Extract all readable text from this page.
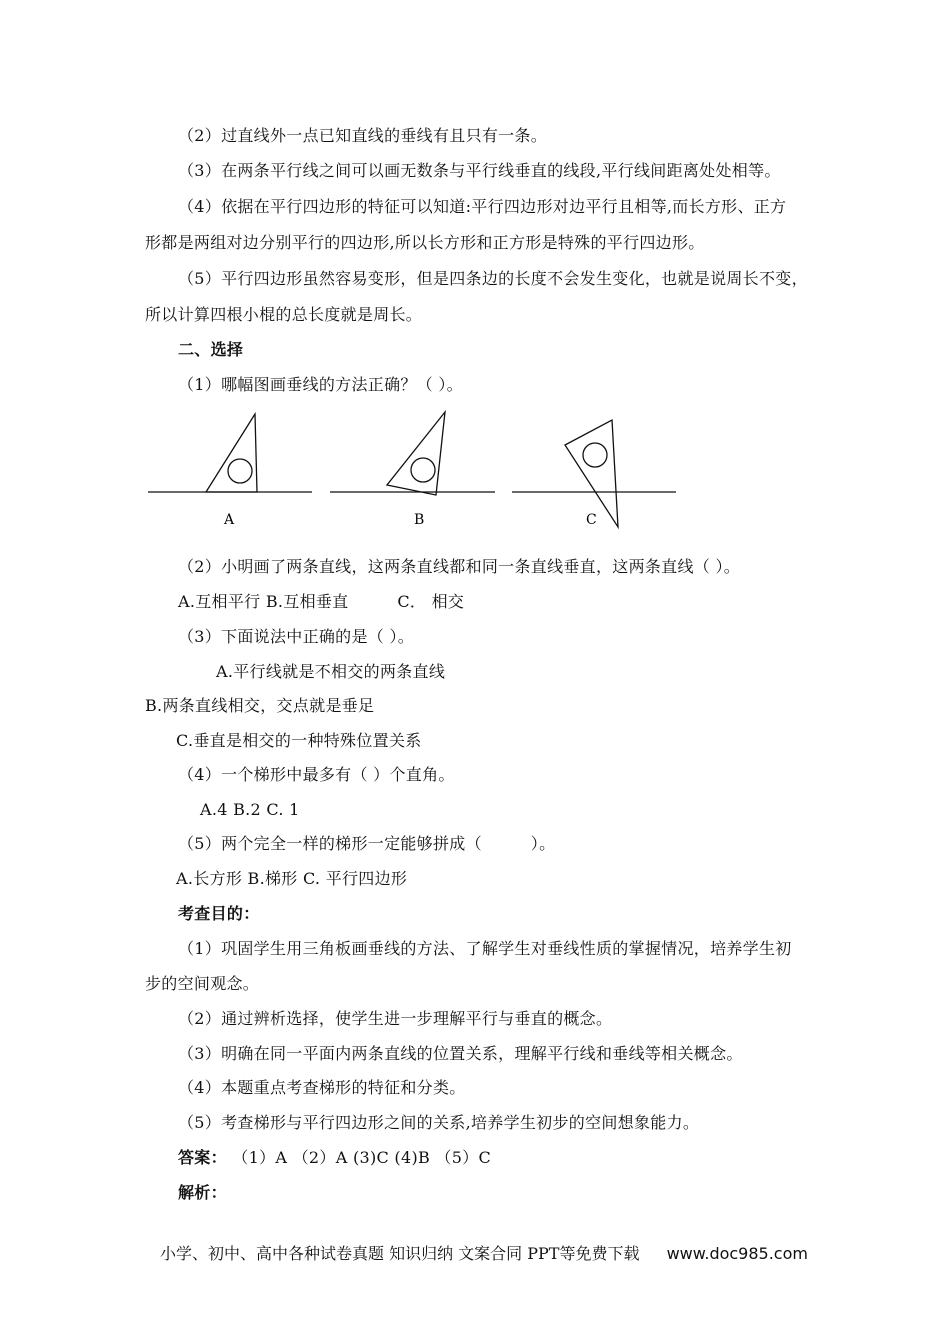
（2）过直线外一点已知直线的垂线有且只有一条。
（3）在两条平行线之间可以画无数条与平行线垂直的线段,平行线间距离处处相等。
（4）依据在平行四边形的特征可以知道:平行四边形对边平行且相等,而长方形、正方
形都是两组对边分别平行的四边形,所以长方形和正方形是特殊的平行四边形。
（5）平行四边形虽然容易变形，但是四条边的长度不会发生变化，也就是说周长不变，
所以计算四根小棍的总长度就是周长。
二、选择
（1）哪幅图画垂线的方法正确？（ ）。
A	B	C
（2）小明画了两条直线，这两条直线都和同一条直线垂直，这两条直线（ ）。
A.互相平行 B.互相垂直　　　C． 相交
（3）下面说法中正确的是（ ）。
A.平行线就是不相交的两条直线
B.两条直线相交，交点就是垂足
C.垂直是相交的一种特殊位置关系
（4）一个梯形中最多有（ ）个直角。
A.4 B.2 C. 1
（5）两个完全一样的梯形一定能够拼成（　　　）。
A.长方形 B.梯形 C. 平行四边形
考查目的：
（1）巩固学生用三角板画垂线的方法、了解学生对垂线性质的掌握情况，培养学生初
步的空间观念。
（2）通过辨析选择，使学生进一步理解平行与垂直的概念。
（3）明确在同一平面内两条直线的位置关系，理解平行线和垂线等相关概念。
（4）本题重点考查梯形的特征和分类。
（5）考查梯形与平行四边形之间的关系,培养学生初步的空间想象能力。
答案： （1）A （2）A (3)C (4)B （5）C
解析：
小学、初中、高中各种试卷真题 知识归纳 文案合同 PPT等免费下载 www.doc985.com
